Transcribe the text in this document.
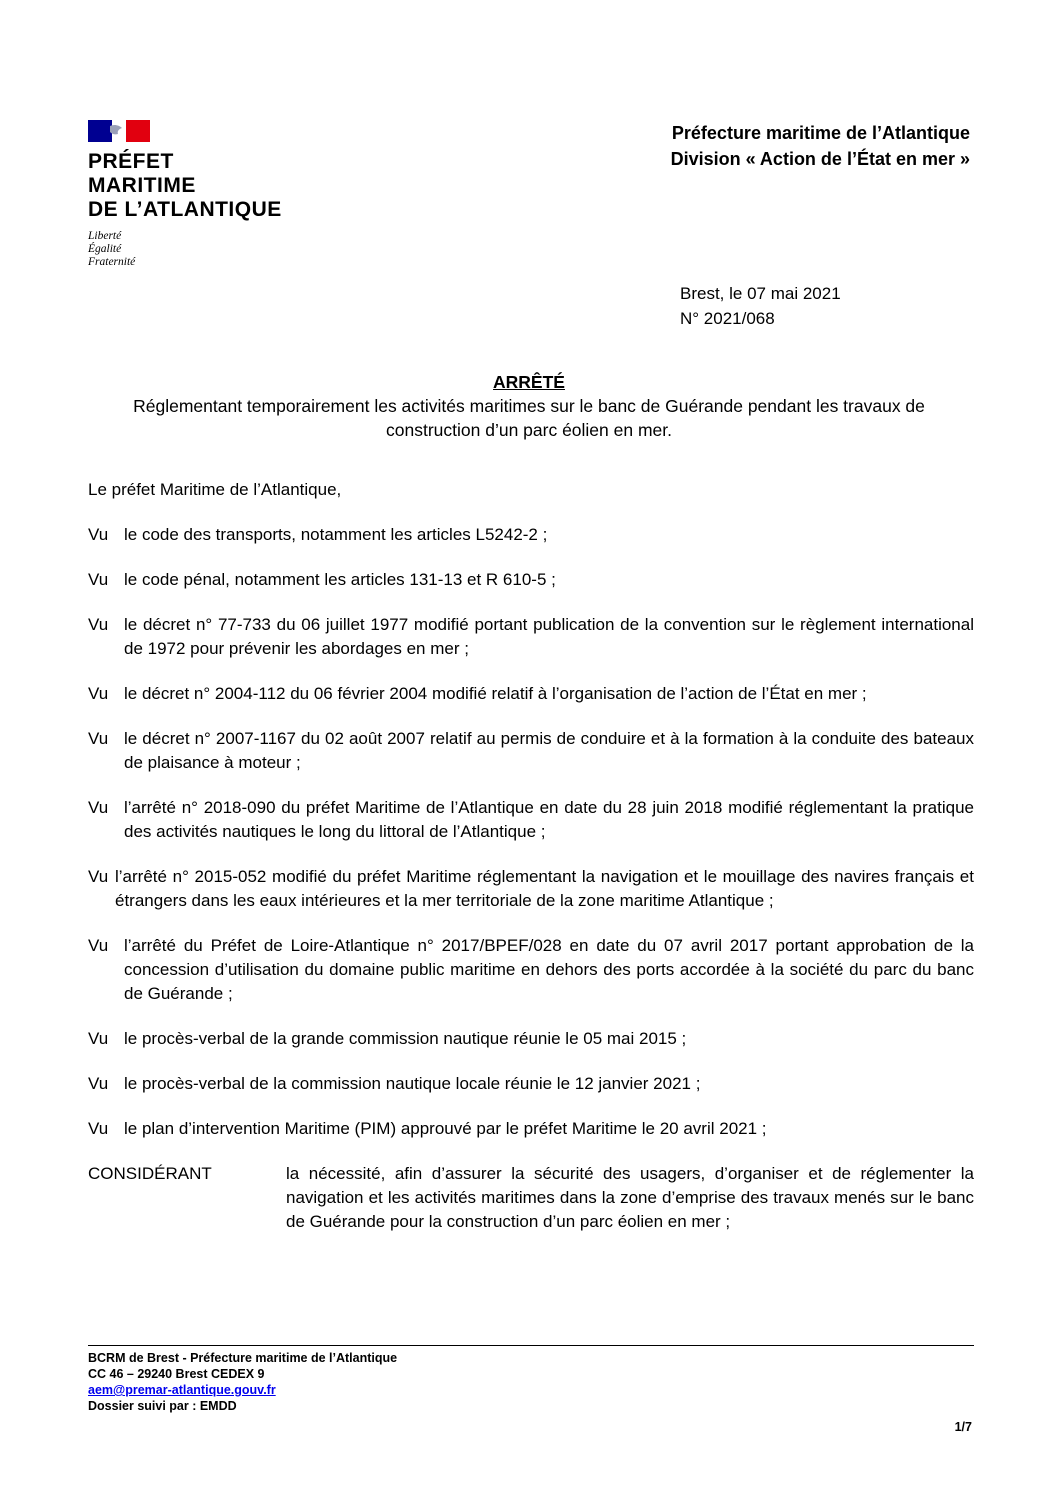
PRÉFET
MARITIME
DE L’ATLANTIQUE
Liberté
Égalité
Fraternité
Préfecture maritime de l’Atlantique
Division « Action de l’État en mer »
Brest, le 07 mai 2021
N° 2021/068
ARRÊTÉ
Réglementant temporairement les activités maritimes sur le banc de Guérande pendant les travaux de construction d’un parc éolien en mer.
Le préfet Maritime de l’Atlantique,
Vu le code des transports, notamment les articles L5242-2 ;
Vu le code pénal, notamment les articles 131-13 et R 610-5 ;
Vu le décret n° 77-733 du 06 juillet 1977 modifié portant publication de la convention sur le règlement international de 1972 pour prévenir les abordages en mer ;
Vu le décret n° 2004-112 du 06 février 2004 modifié relatif à l’organisation de l’action de l’État en mer ;
Vu le décret n° 2007-1167 du 02 août 2007 relatif au permis de conduire et à la formation à la conduite des bateaux de plaisance à moteur ;
Vu l’arrêté n° 2018-090 du préfet Maritime de l’Atlantique en date du 28 juin 2018 modifié réglementant la pratique des activités nautiques le long du littoral de l’Atlantique ;
Vu l’arrêté n° 2015-052 modifié du préfet Maritime réglementant la navigation et le mouillage des navires français et étrangers dans les eaux intérieures et la mer territoriale de la zone maritime Atlantique ;
Vu l’arrêté du Préfet de Loire-Atlantique n° 2017/BPEF/028 en date du 07 avril 2017 portant approbation de la concession d’utilisation du domaine public maritime en dehors des ports accordée à la société du parc du banc de Guérande ;
Vu le procès-verbal de la grande commission nautique réunie le 05 mai 2015 ;
Vu le procès-verbal de la commission nautique locale réunie le 12 janvier 2021 ;
Vu le plan d’intervention Maritime (PIM) approuvé par le préfet Maritime le 20 avril 2021 ;
CONSIDÉRANT	la nécessité, afin d’assurer la sécurité des usagers, d’organiser et de réglementer la navigation et les activités maritimes dans la zone d’emprise des travaux menés sur le banc de Guérande pour la construction d’un parc éolien en mer ;
BCRM de Brest - Préfecture maritime de l’Atlantique
CC 46 – 29240 Brest CEDEX 9
aem@premar-atlantique.gouv.fr
Dossier suivi par : EMDD
1/7
